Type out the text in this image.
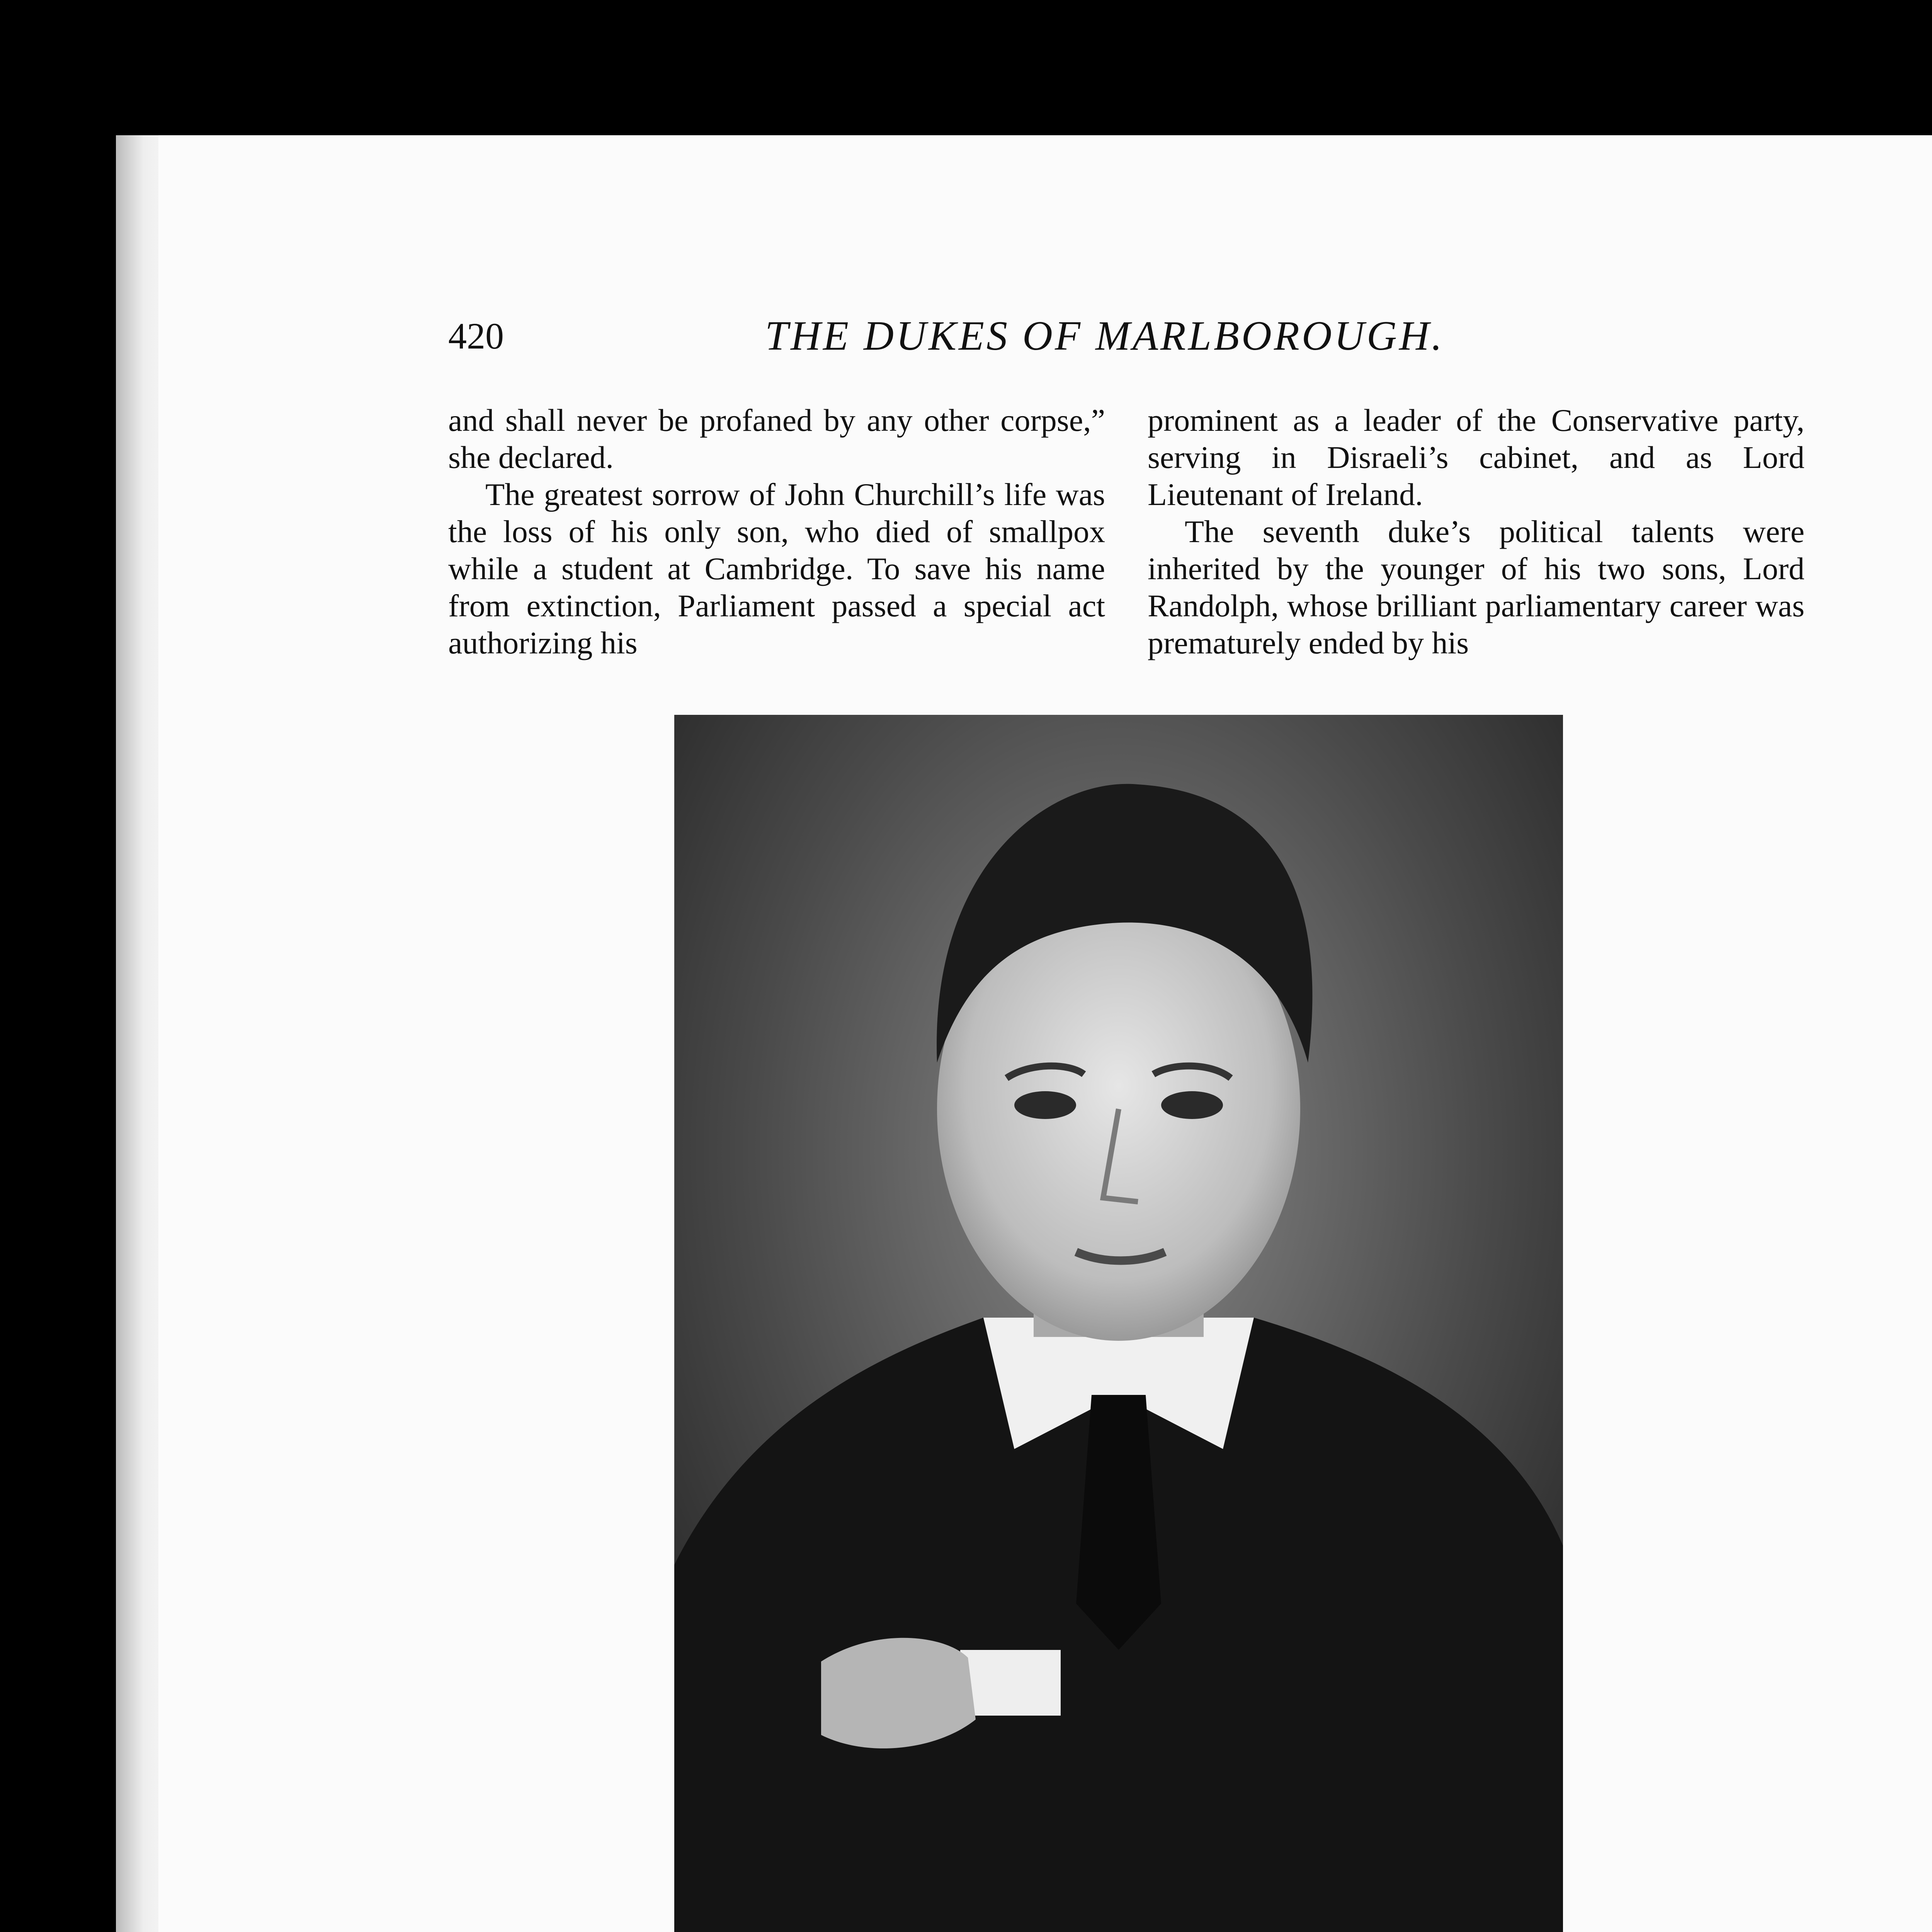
420	THE DUKES OF MARLBOROUGH.

and shall never be profaned by any other corpse,” she declared.

The greatest sorrow of John Churchill’s life was the loss of his only son, who died of smallpox while a student at Cambridge. To save his name from extinction, Parliament passed a special act authorizing his

prominent as a leader of the Conservative party, serving in Disraeli’s cabinet, and as Lord Lieutenant of Ireland.

The seventh duke’s political talents were inherited by the younger of his two sons, Lord Randolph, whose brilliant parliamentary career was prematurely ended by his
